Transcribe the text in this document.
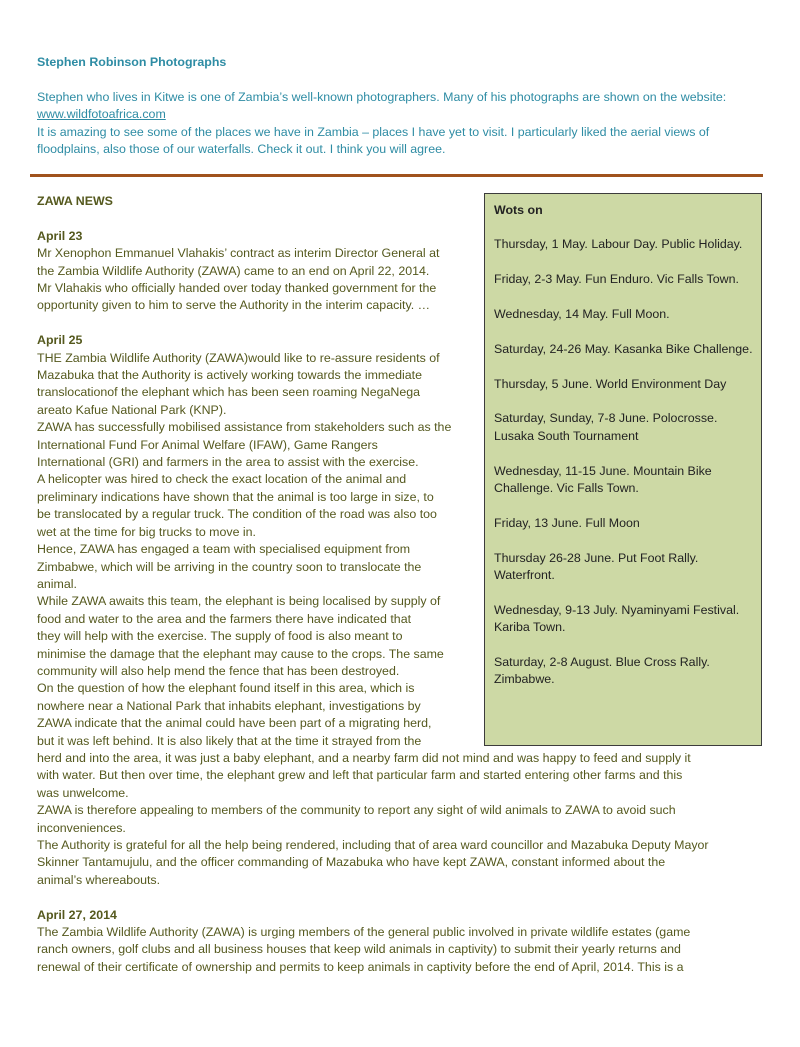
Stephen Robinson Photographs

Stephen who lives in Kitwe is one of Zambia’s well-known photographers. Many of his photographs are shown on the website: www.wildfotoafrica.com

It is amazing to see some of the places we have in Zambia – places I have yet to visit. I particularly liked the aerial views of floodplains, also those of our waterfalls. Check it out. I think you will agree.

Wots on
Thursday, 1 May. Labour Day. Public Holiday.
Friday, 2-3 May. Fun Enduro. Vic Falls Town.
Wednesday, 14 May. Full Moon.
Saturday, 24-26 May. Kasanka Bike Challenge.
Thursday, 5 June. World Environment Day
Saturday, Sunday, 7-8 June. Polocrosse. Lusaka South Tournament
Wednesday, 11-15 June. Mountain Bike Challenge. Vic Falls Town.
Friday, 13 June. Full Moon
Thursday 26-28 June. Put Foot Rally. Waterfront.
Wednesday, 9-13 July. Nyaminyami Festival. Kariba Town.
Saturday, 2-8 August. Blue Cross Rally. Zimbabwe.
ZAWA NEWS
April 23
Mr Xenophon Emmanuel Vlahakis’ contract as interim Director General at
the Zambia Wildlife Authority (ZAWA) came to an end on April 22, 2014.
Mr Vlahakis who officially handed over today thanked government for the
opportunity given to him to serve the Authority in the interim capacity. …
April 25
THE Zambia Wildlife Authority (ZAWA)would like to re-assure residents of
Mazabuka that the Authority is actively working towards the immediate
translocationof the elephant which has been seen roaming NegaNega
areato Kafue National Park (KNP).
ZAWA has successfully mobilised assistance from stakeholders such as the
International Fund For Animal Welfare (IFAW), Game Rangers
International (GRI) and farmers in the area to assist with the exercise.
A helicopter was hired to check the exact location of the animal and
preliminary indications have shown that the animal is too large in size, to
be translocated by a regular truck. The condition of the road was also too
wet at the time for big trucks to move in.
Hence, ZAWA has engaged a team with specialised equipment from
Zimbabwe, which will be arriving in the country soon to translocate the
animal.
While ZAWA awaits this team, the elephant is being localised by supply of
food and water to the area and the farmers there have indicated that
they will help with the exercise. The supply of food is also meant to
minimise the damage that the elephant may cause to the crops. The same
community will also help mend the fence that has been destroyed.
On the question of how the elephant found itself in this area, which is
nowhere near a National Park that inhabits elephant, investigations by
ZAWA indicate that the animal could have been part of a migrating herd,
but it was left behind. It is also likely that at the time it strayed from the
herd and into the area, it was just a baby elephant, and a nearby farm did not mind and was happy to feed and supply it
with water. But then over time, the elephant grew and left that particular farm and started entering other farms and this
was unwelcome.
ZAWA is therefore appealing to members of the community to report any sight of wild animals to ZAWA to avoid such
inconveniences.
The Authority is grateful for all the help being rendered, including that of area ward councillor and Mazabuka Deputy Mayor
Skinner Tantamujulu, and the officer commanding of Mazabuka who have kept ZAWA, constant informed about the
animal’s whereabouts.
April 27, 2014
The Zambia Wildlife Authority (ZAWA) is urging members of the general public involved in private wildlife estates (game
ranch owners, golf clubs and all business houses that keep wild animals in captivity) to submit their yearly returns and
renewal of their certificate of ownership and permits to keep animals in captivity before the end of April, 2014. This is a
